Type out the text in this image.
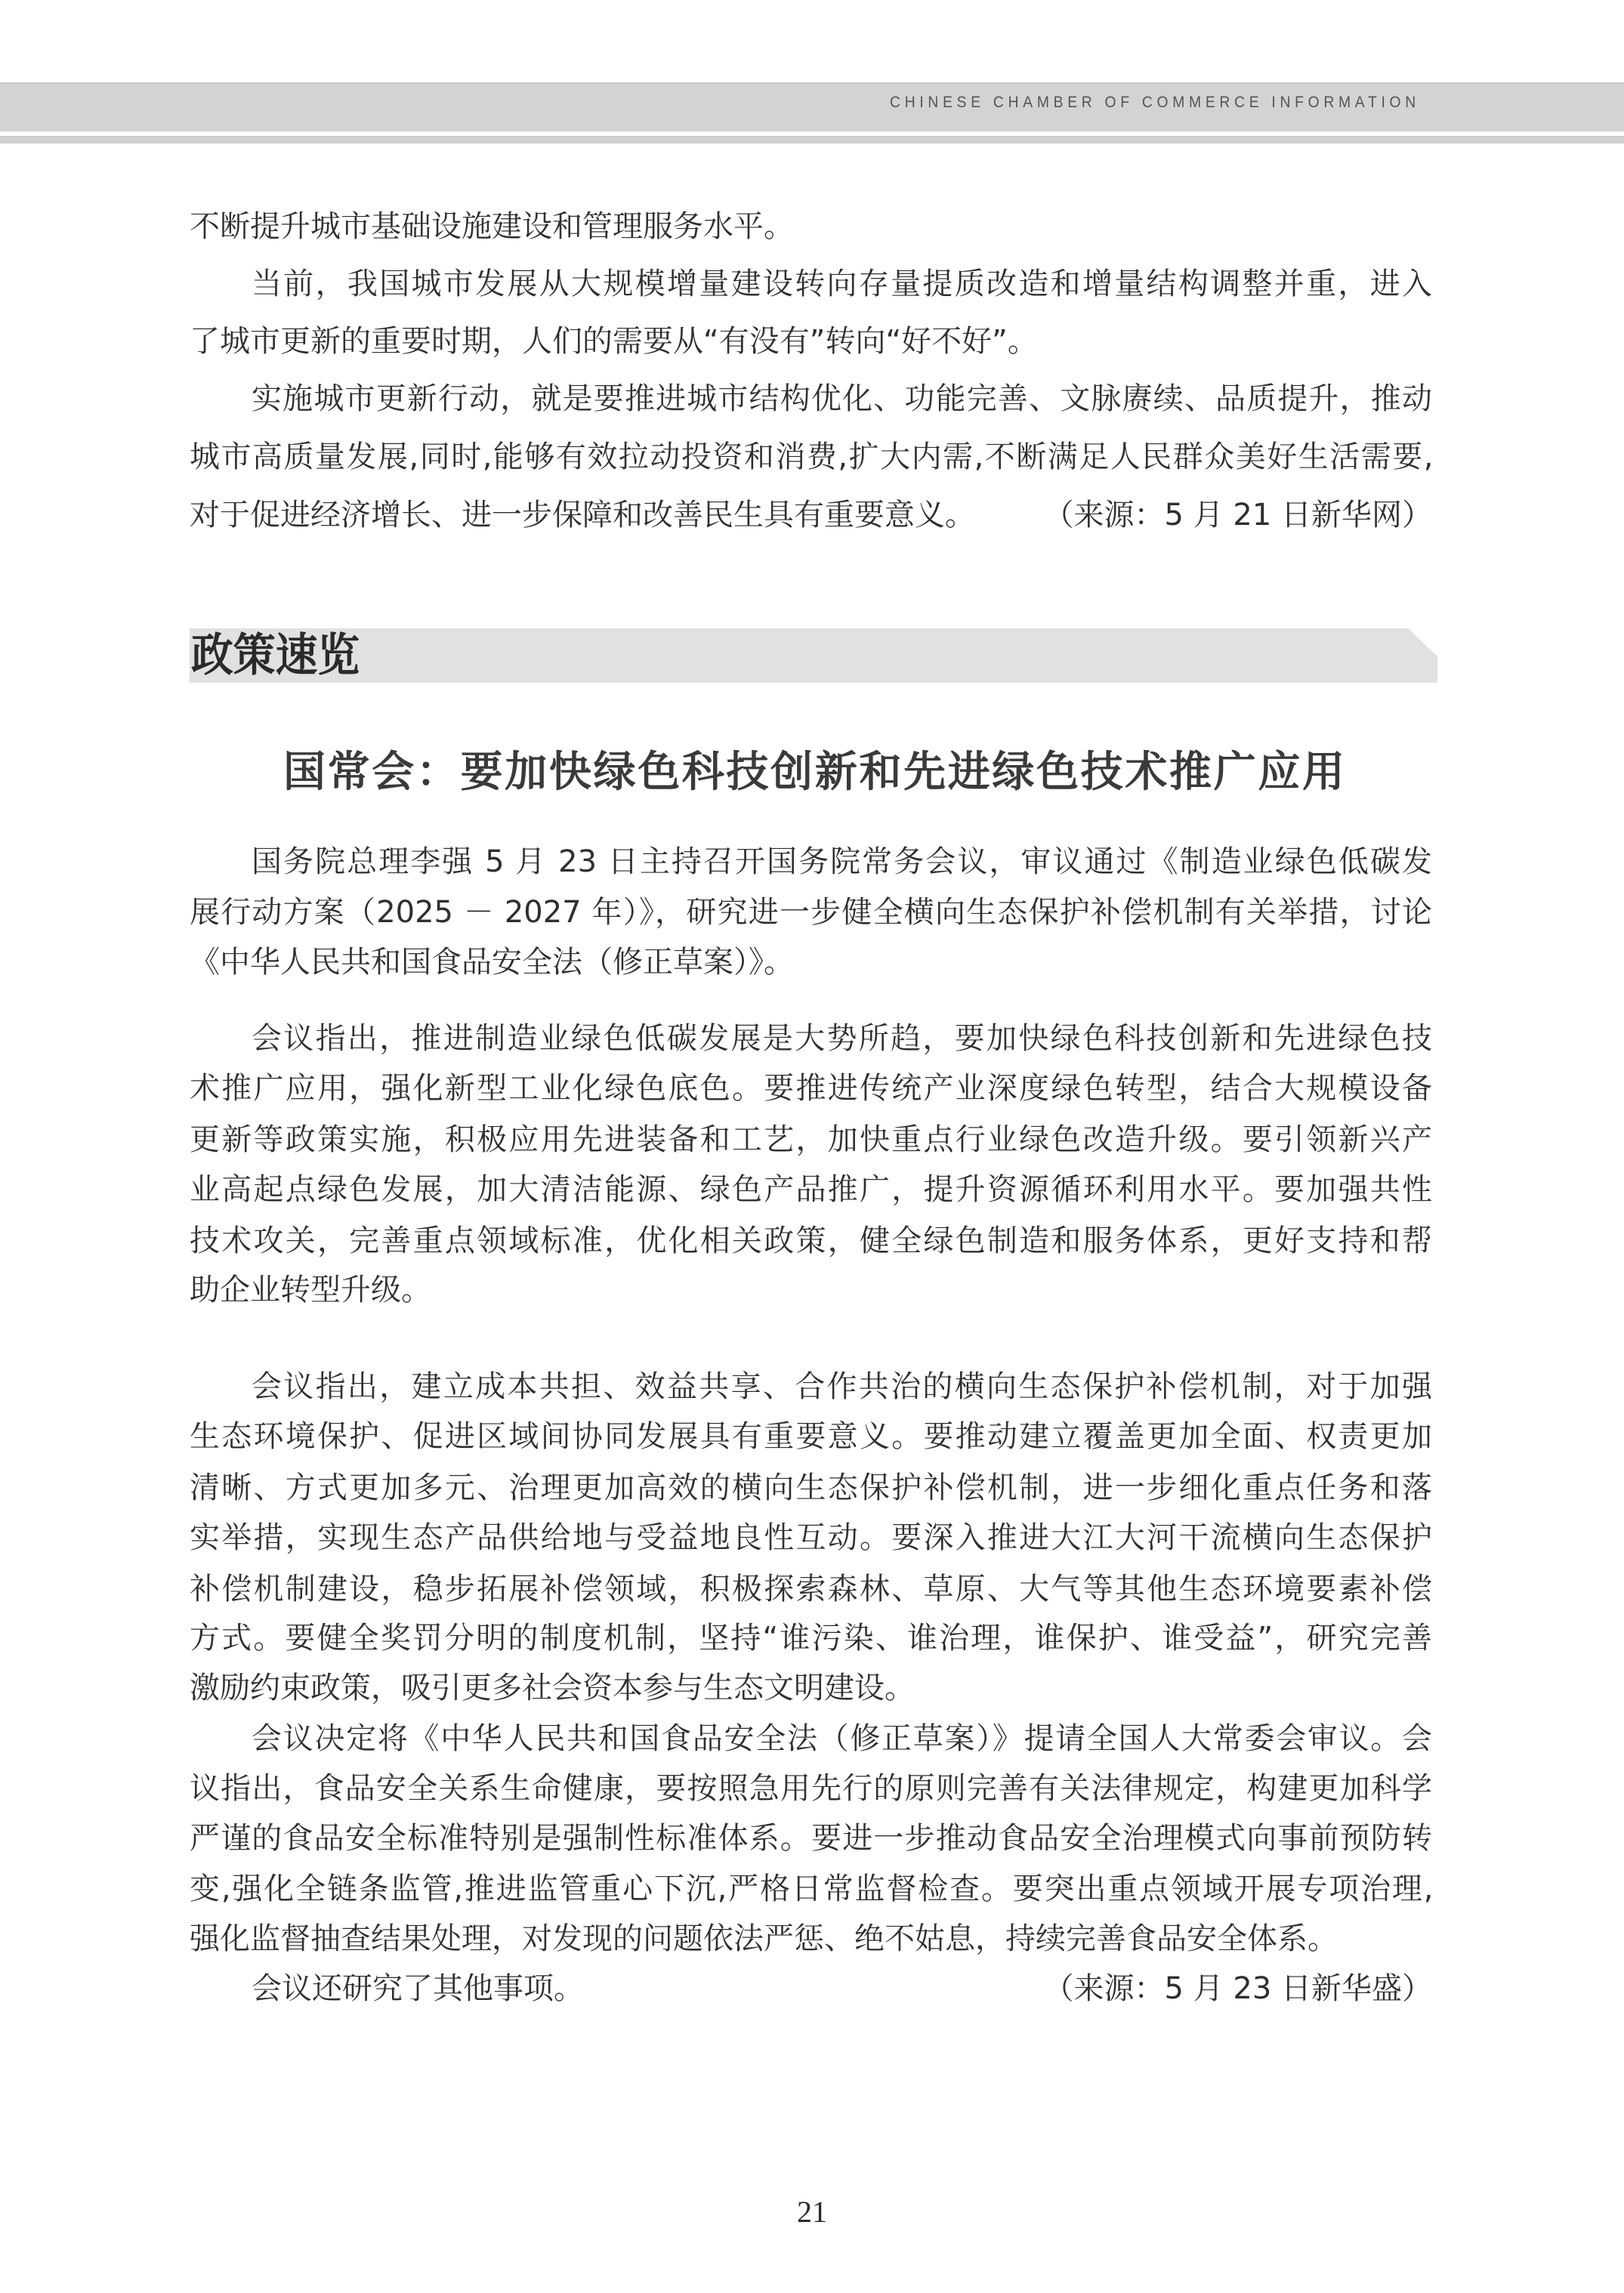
CHINESE CHAMBER OF COMMERCE INFORMATION
不断提升城市基础设施建设和管理服务水平。
当前，我国城市发展从大规模增量建设转向存量提质改造和增量结构调整并重，进入
了城市更新的重要时期，人们的需要从“有没有”转向“好不好”。
实施城市更新行动，就是要推进城市结构优化、功能完善、文脉赓续、品质提升，推动
城市高质量发展,同时,能够有效拉动投资和消费,扩大内需,不断满足人民群众美好生活需要,
对于促进经济增长、进一步保障和改善民生具有重要意义。 （来源：5 月 21 日新华网）
政策速览
国常会：要加快绿色科技创新和先进绿色技术推广应用
国务院总理李强 5 月 23 日主持召开国务院常务会议，审议通过《制造业绿色低碳发
展行动方案（2025 － 2027 年）》，研究进一步健全横向生态保护补偿机制有关举措，讨论
《中华人民共和国食品安全法（修正草案）》。
会议指出，推进制造业绿色低碳发展是大势所趋，要加快绿色科技创新和先进绿色技
术推广应用，强化新型工业化绿色底色。要推进传统产业深度绿色转型，结合大规模设备
更新等政策实施，积极应用先进装备和工艺，加快重点行业绿色改造升级。要引领新兴产
业高起点绿色发展，加大清洁能源、绿色产品推广，提升资源循环利用水平。要加强共性
技术攻关，完善重点领域标准，优化相关政策，健全绿色制造和服务体系，更好支持和帮
助企业转型升级。
会议指出，建立成本共担、效益共享、合作共治的横向生态保护补偿机制，对于加强
生态环境保护、促进区域间协同发展具有重要意义。要推动建立覆盖更加全面、权责更加
清晰、方式更加多元、治理更加高效的横向生态保护补偿机制，进一步细化重点任务和落
实举措，实现生态产品供给地与受益地良性互动。要深入推进大江大河干流横向生态保护
补偿机制建设，稳步拓展补偿领域，积极探索森林、草原、大气等其他生态环境要素补偿
方式。要健全奖罚分明的制度机制，坚持“谁污染、谁治理，谁保护、谁受益”，研究完善
激励约束政策，吸引更多社会资本参与生态文明建设。
会议决定将《中华人民共和国食品安全法（修正草案）》提请全国人大常委会审议。会
议指出，食品安全关系生命健康，要按照急用先行的原则完善有关法律规定，构建更加科学
严谨的食品安全标准特别是强制性标准体系。要进一步推动食品安全治理模式向事前预防转
变,强化全链条监管,推进监管重心下沉,严格日常监督检查。要突出重点领域开展专项治理,
强化监督抽查结果处理，对发现的问题依法严惩、绝不姑息，持续完善食品安全体系。
会议还研究了其他事项。	（来源：5 月 23 日新华盛）
21
